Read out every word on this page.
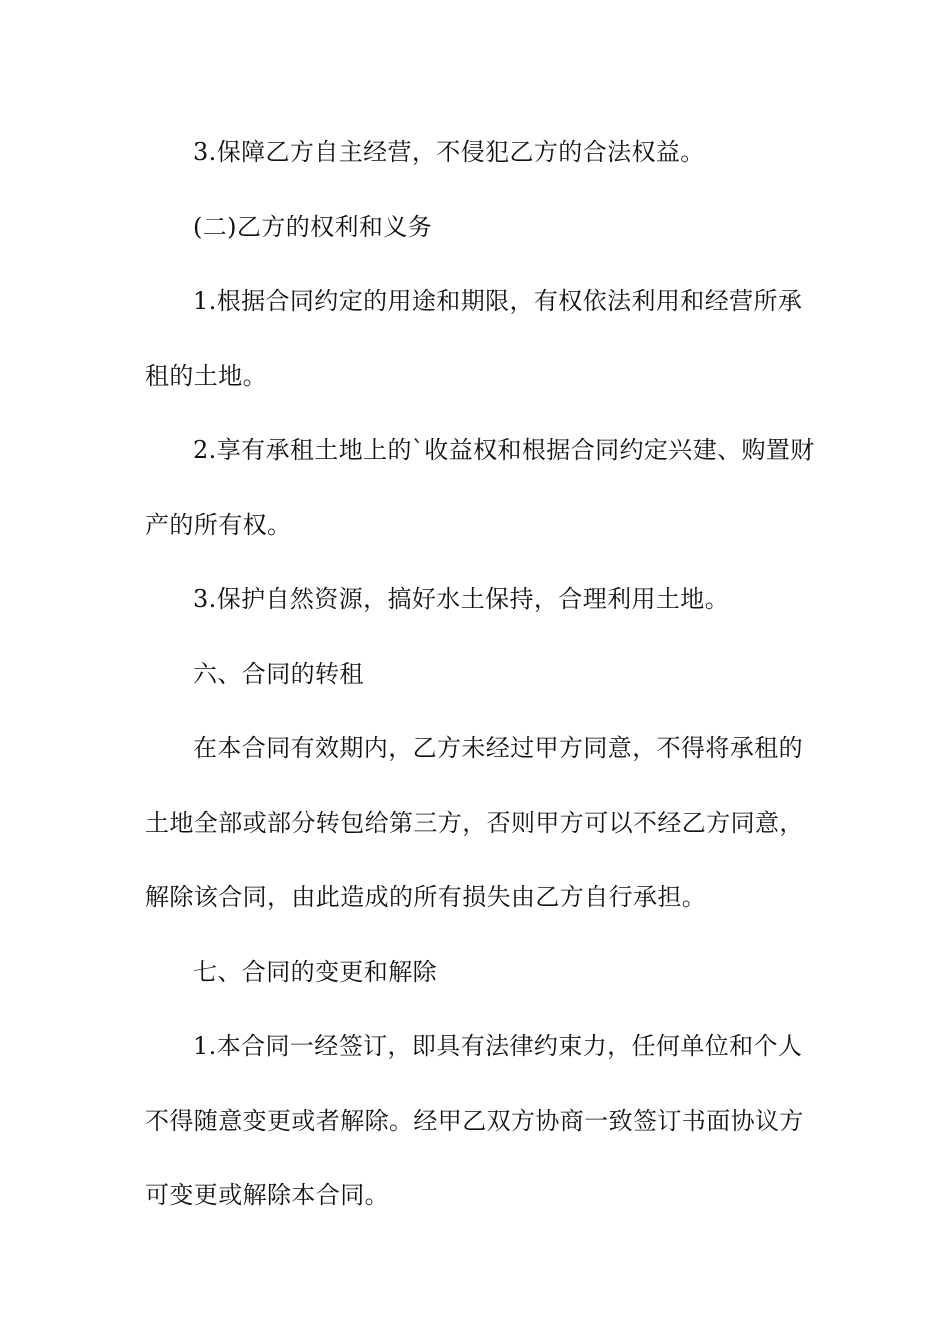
3.保障乙方自主经营，不侵犯乙方的合法权益。
(二)乙方的权利和义务
1.根据合同约定的用途和期限，有权依法利用和经营所承
租的土地。
2.享有承租土地上的`收益权和根据合同约定兴建、购置财
产的所有权。
3.保护自然资源，搞好水土保持，合理利用土地。
六、合同的转租
在本合同有效期内，乙方未经过甲方同意，不得将承租的
土地全部或部分转包给第三方，否则甲方可以不经乙方同意，
解除该合同，由此造成的所有损失由乙方自行承担。
七、合同的变更和解除
1.本合同一经签订，即具有法律约束力，任何单位和个人
不得随意变更或者解除。经甲乙双方协商一致签订书面协议方
可变更或解除本合同。
